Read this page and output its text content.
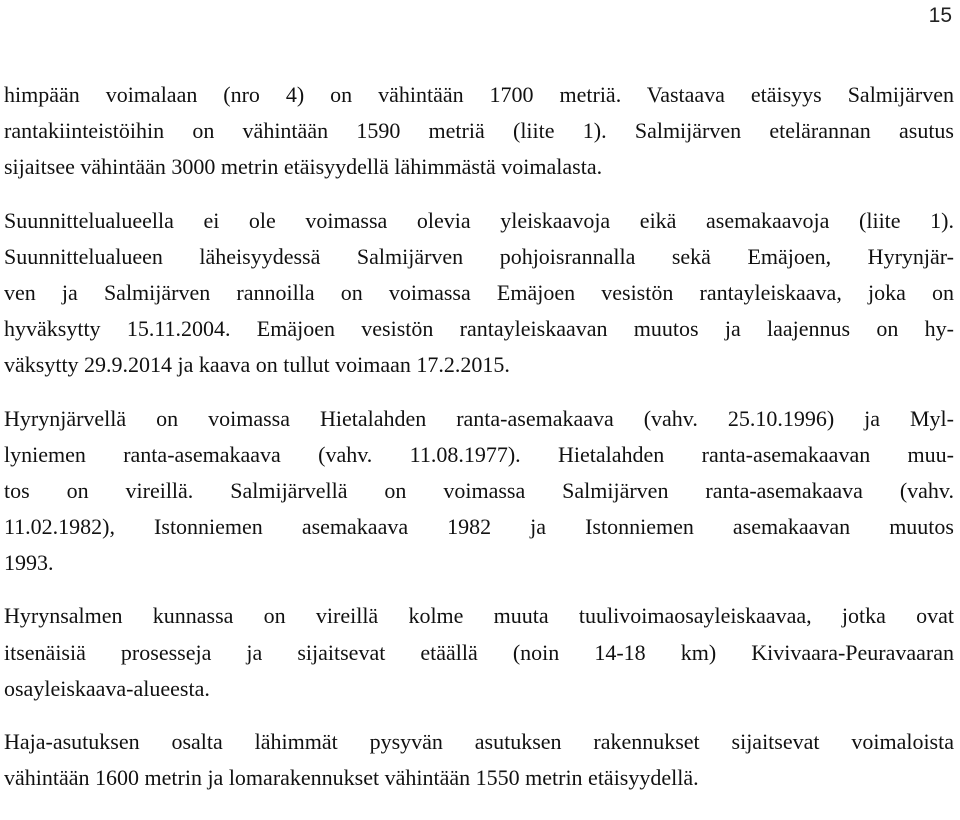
15
himpään voimalaan (nro 4) on vähintään 1700 metriä. Vastaava etäisyys Salmijärven
rantakiinteistöihin on vähintään 1590 metriä (liite 1). Salmijärven etelärannan asutus
sijaitsee vähintään 3000 metrin etäisyydellä lähimmästä voimalasta.
Suunnittelualueella ei ole voimassa olevia yleiskaavoja eikä asemakaavoja (liite 1).
Suunnittelualueen läheisyydessä Salmijärven pohjoisrannalla sekä Emäjoen, Hyrynjär-
ven ja Salmijärven rannoilla on voimassa Emäjoen vesistön rantayleiskaava, joka on
hyväksytty 15.11.2004. Emäjoen vesistön rantayleiskaavan muutos ja laajennus on hy-
väksytty 29.9.2014 ja kaava on tullut voimaan 17.2.2015.
Hyrynjärvellä on voimassa Hietalahden ranta-asemakaava (vahv. 25.10.1996) ja Myl-
lyniemen ranta-asemakaava (vahv. 11.08.1977). Hietalahden ranta-asemakaavan muu-
tos on vireillä. Salmijärvellä on voimassa Salmijärven ranta-asemakaava (vahv.
11.02.1982), Istonniemen asemakaava 1982 ja Istonniemen asemakaavan muutos
1993.
Hyrynsalmen kunnassa on vireillä kolme muuta tuulivoimaosayleiskaavaa, jotka ovat
itsenäisiä prosesseja ja sijaitsevat etäällä (noin 14-18 km) Kivivaara-Peuravaaran
osayleiskaava-alueesta.
Haja-asutuksen osalta lähimmät pysyvän asutuksen rakennukset sijaitsevat voimaloista
vähintään 1600 metrin ja lomarakennukset vähintään 1550 metrin etäisyydellä.
